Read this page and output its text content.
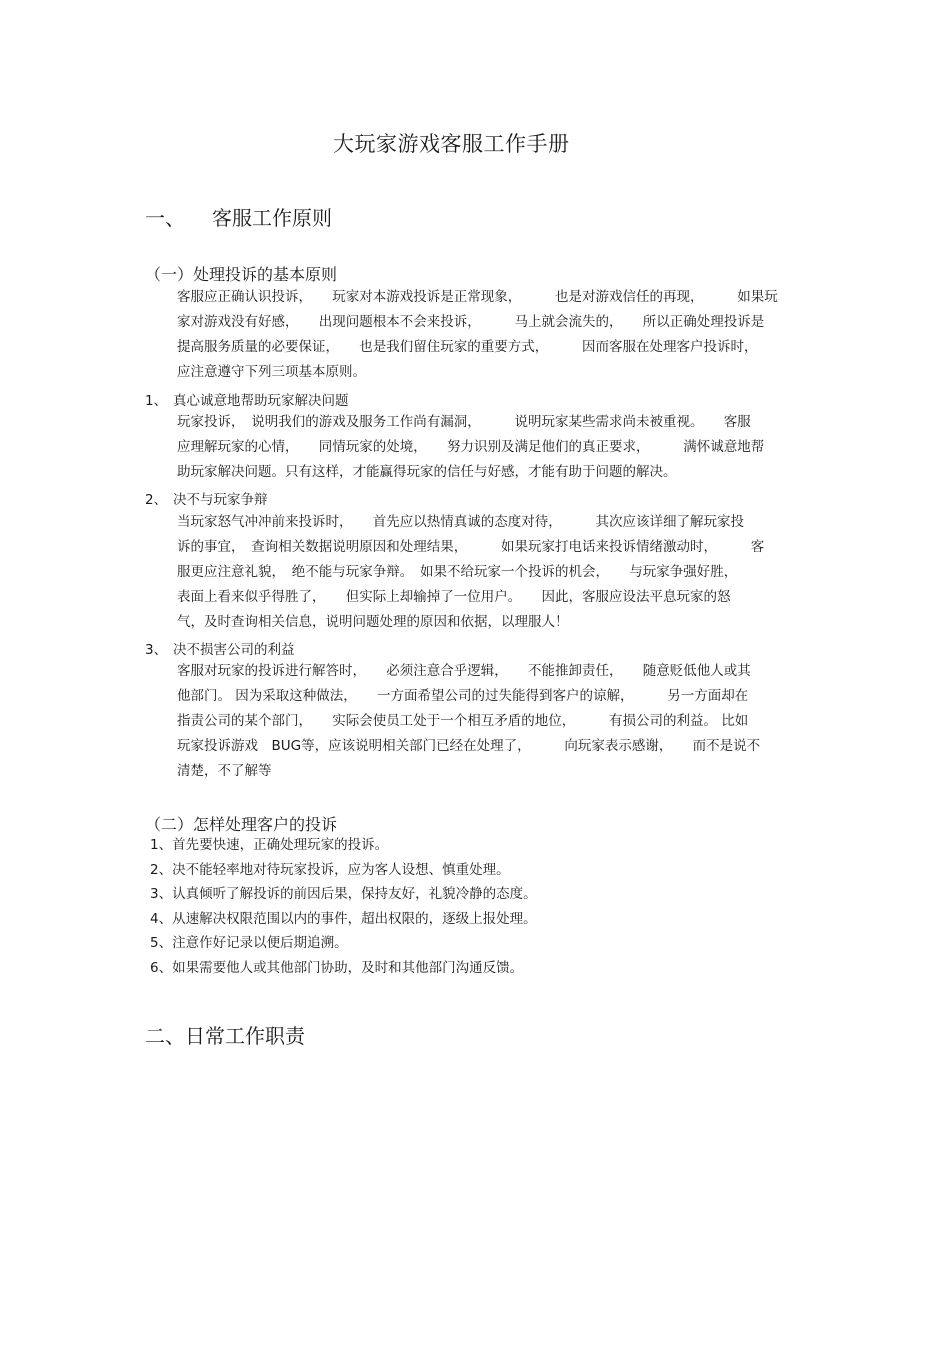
大玩家游戏客服工作手册
一、 客服工作原则
（一）处理投诉的基本原则
客服应正确认识投诉，　　玩家对本游戏投诉是正常现象，　　　也是对游戏信任的再现，　　　如果玩
家对游戏没有好感，　　出现问题根本不会来投诉，　　　马上就会流失的，　　所以正确处理投诉是
提高服务质量的必要保证，　　也是我们留住玩家的重要方式，　　　因而客服在处理客户投诉时，
应注意遵守下列三项基本原则。
1、 真心诚意地帮助玩家解决问题
玩家投诉，　说明我们的游戏及服务工作尚有漏洞，　　　说明玩家某些需求尚未被重视。　　客服
应理解玩家的心情，　　同情玩家的处境，　　努力识别及满足他们的真正要求，　　　满怀诚意地帮
助玩家解决问题。只有这样，才能赢得玩家的信任与好感，才能有助于问题的解决。
2、 决不与玩家争辩
当玩家怒气冲冲前来投诉时，　　首先应以热情真诚的态度对待，　　　其次应该详细了解玩家投
诉的事宜，　查询相关数据说明原因和处理结果，　　　如果玩家打电话来投诉情绪激动时，　　　客
服更应注意礼貌，　绝不能与玩家争辩。　如果不给玩家一个投诉的机会，　　与玩家争强好胜，
表面上看来似乎得胜了，　　但实际上却输掉了一位用户。　　因此，客服应设法平息玩家的怒
气，及时查询相关信息，说明问题处理的原因和依据，以理服人！
3、 决不损害公司的利益
客服对玩家的投诉进行解答时，　　必须注意合乎逻辑，　　不能推卸责任，　　随意贬低他人或其
他部门。 因为采取这种做法，　　一方面希望公司的过失能得到客户的谅解，　　　另一方面却在
指责公司的某个部门，　　实际会使员工处于一个相互矛盾的地位，　　　有损公司的利益。 比如
玩家投诉游戏　BUG等，应该说明相关部门已经在处理了，　　　向玩家表示感谢，　　而不是说不
清楚，不了解等
（二）怎样处理客户的投诉
1、首先要快速，正确处理玩家的投诉。
2、决不能轻率地对待玩家投诉，应为客人设想、慎重处理。
3、认真倾听了解投诉的前因后果，保持友好，礼貌冷静的态度。
4、从速解决权限范围以内的事件，超出权限的，逐级上报处理。
5、注意作好记录以便后期追溯。
6、如果需要他人或其他部门协助，及时和其他部门沟通反馈。
二、日常工作职责
